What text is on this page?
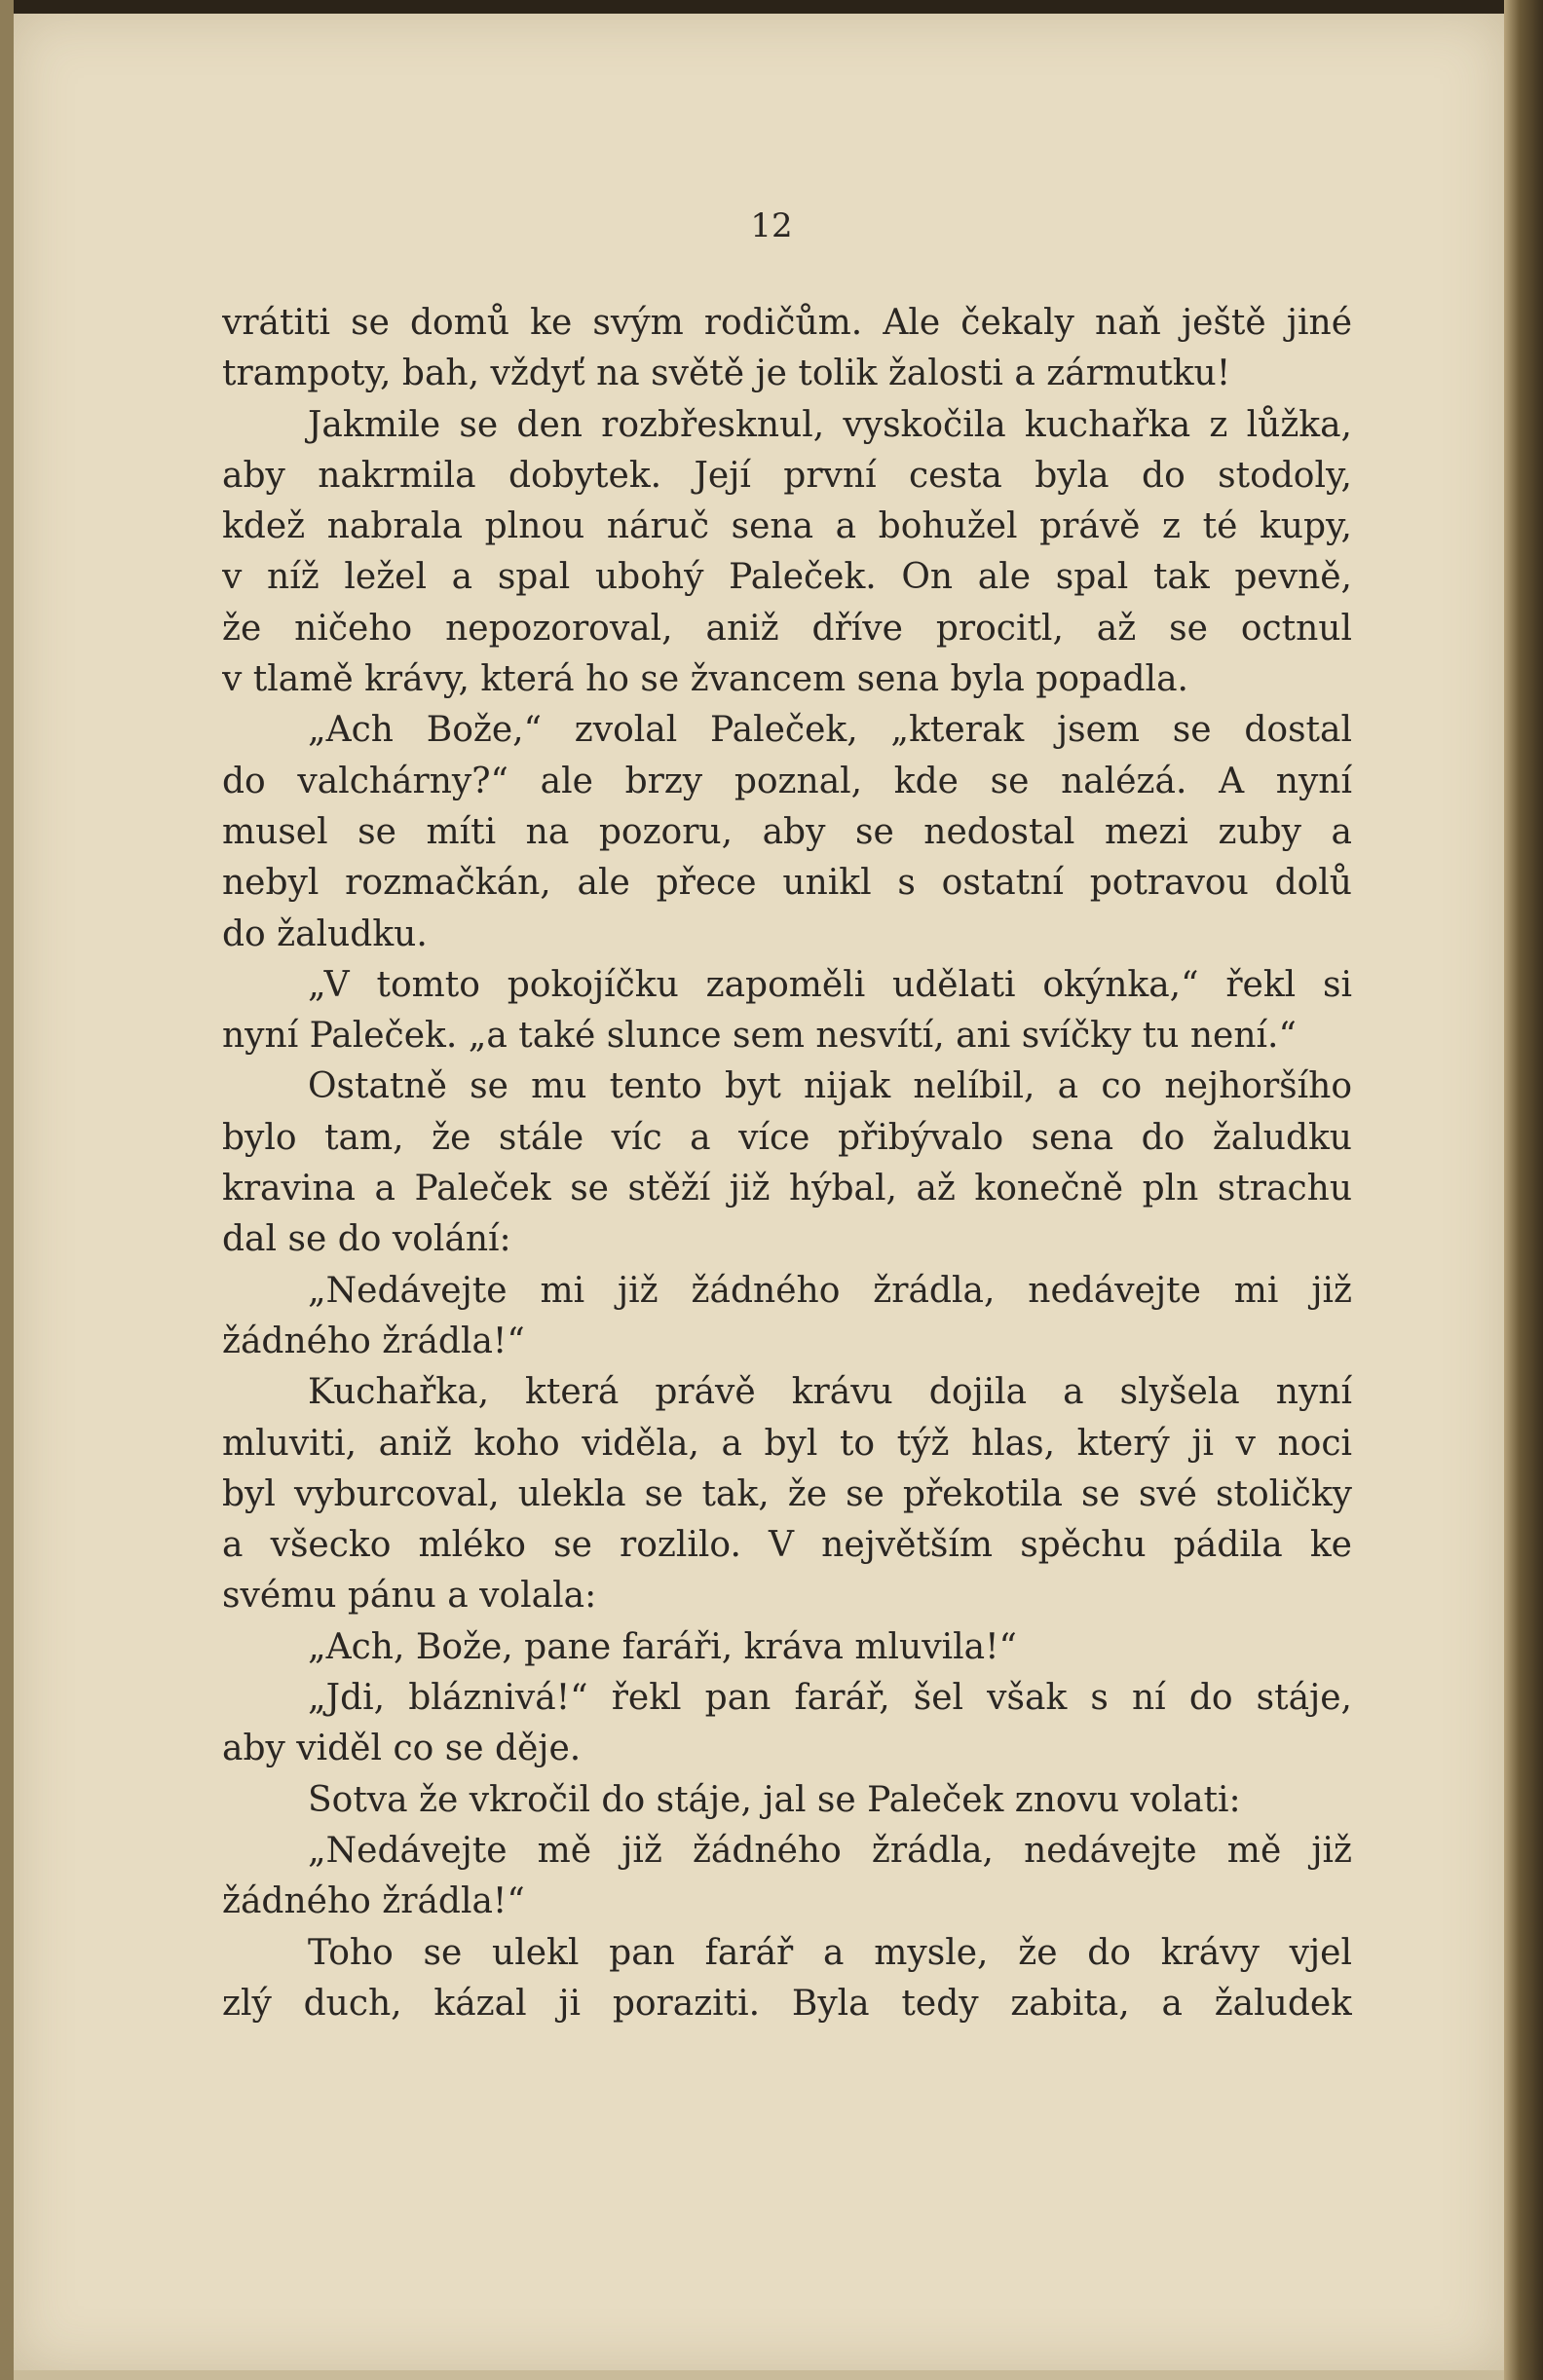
12
vrátiti se domů ke svým rodičům. Ale čekaly naň ještě jiné
trampoty, bah, vždyť na světě je tolik žalosti a zármutku!
Jakmile se den rozbřesknul, vyskočila kuchařka z lůžka,
aby nakrmila dobytek. Její první cesta byla do stodoly,
kdež nabrala plnou náruč sena a bohužel právě z té kupy,
v níž ležel a spal ubohý Paleček. On ale spal tak pevně,
že ničeho nepozoroval, aniž dříve procitl, až se octnul
v tlamě krávy, která ho se žvancem sena byla popadla.
„Ach Bože,“ zvolal Paleček, „kterak jsem se dostal
do valchárny?“ ale brzy poznal, kde se nalézá. A nyní
musel se míti na pozoru, aby se nedostal mezi zuby a
nebyl rozmačkán, ale přece unikl s ostatní potravou dolů
do žaludku.
„V tomto pokojíčku zapoměli udělati okýnka,“ řekl si
nyní Paleček. „a také slunce sem nesvítí, ani svíčky tu není.“
Ostatně se mu tento byt nijak nelíbil, a co nejhoršího
bylo tam, že stále víc a více přibývalo sena do žaludku
kravina a Paleček se stěží již hýbal, až konečně pln strachu
dal se do volání:
„Nedávejte mi již žádného žrádla, nedávejte mi již
žádného žrádla!“
Kuchařka, která právě krávu dojila a slyšela nyní
mluviti, aniž koho viděla, a byl to týž hlas, který ji v noci
byl vyburcoval, ulekla se tak, že se překotila se své stoličky
a všecko mléko se rozlilo. V největším spěchu pádila ke
svému pánu a volala:
„Ach, Bože, pane faráři, kráva mluvila!“
„Jdi, bláznivá!“ řekl pan farář, šel však s ní do stáje,
aby viděl co se děje.
Sotva že vkročil do stáje, jal se Paleček znovu volati:
„Nedávejte mě již žádného žrádla, nedávejte mě již
žádného žrádla!“
Toho se ulekl pan farář a mysle, že do krávy vjel
zlý duch, kázal ji poraziti. Byla tedy zabita, a žaludek
